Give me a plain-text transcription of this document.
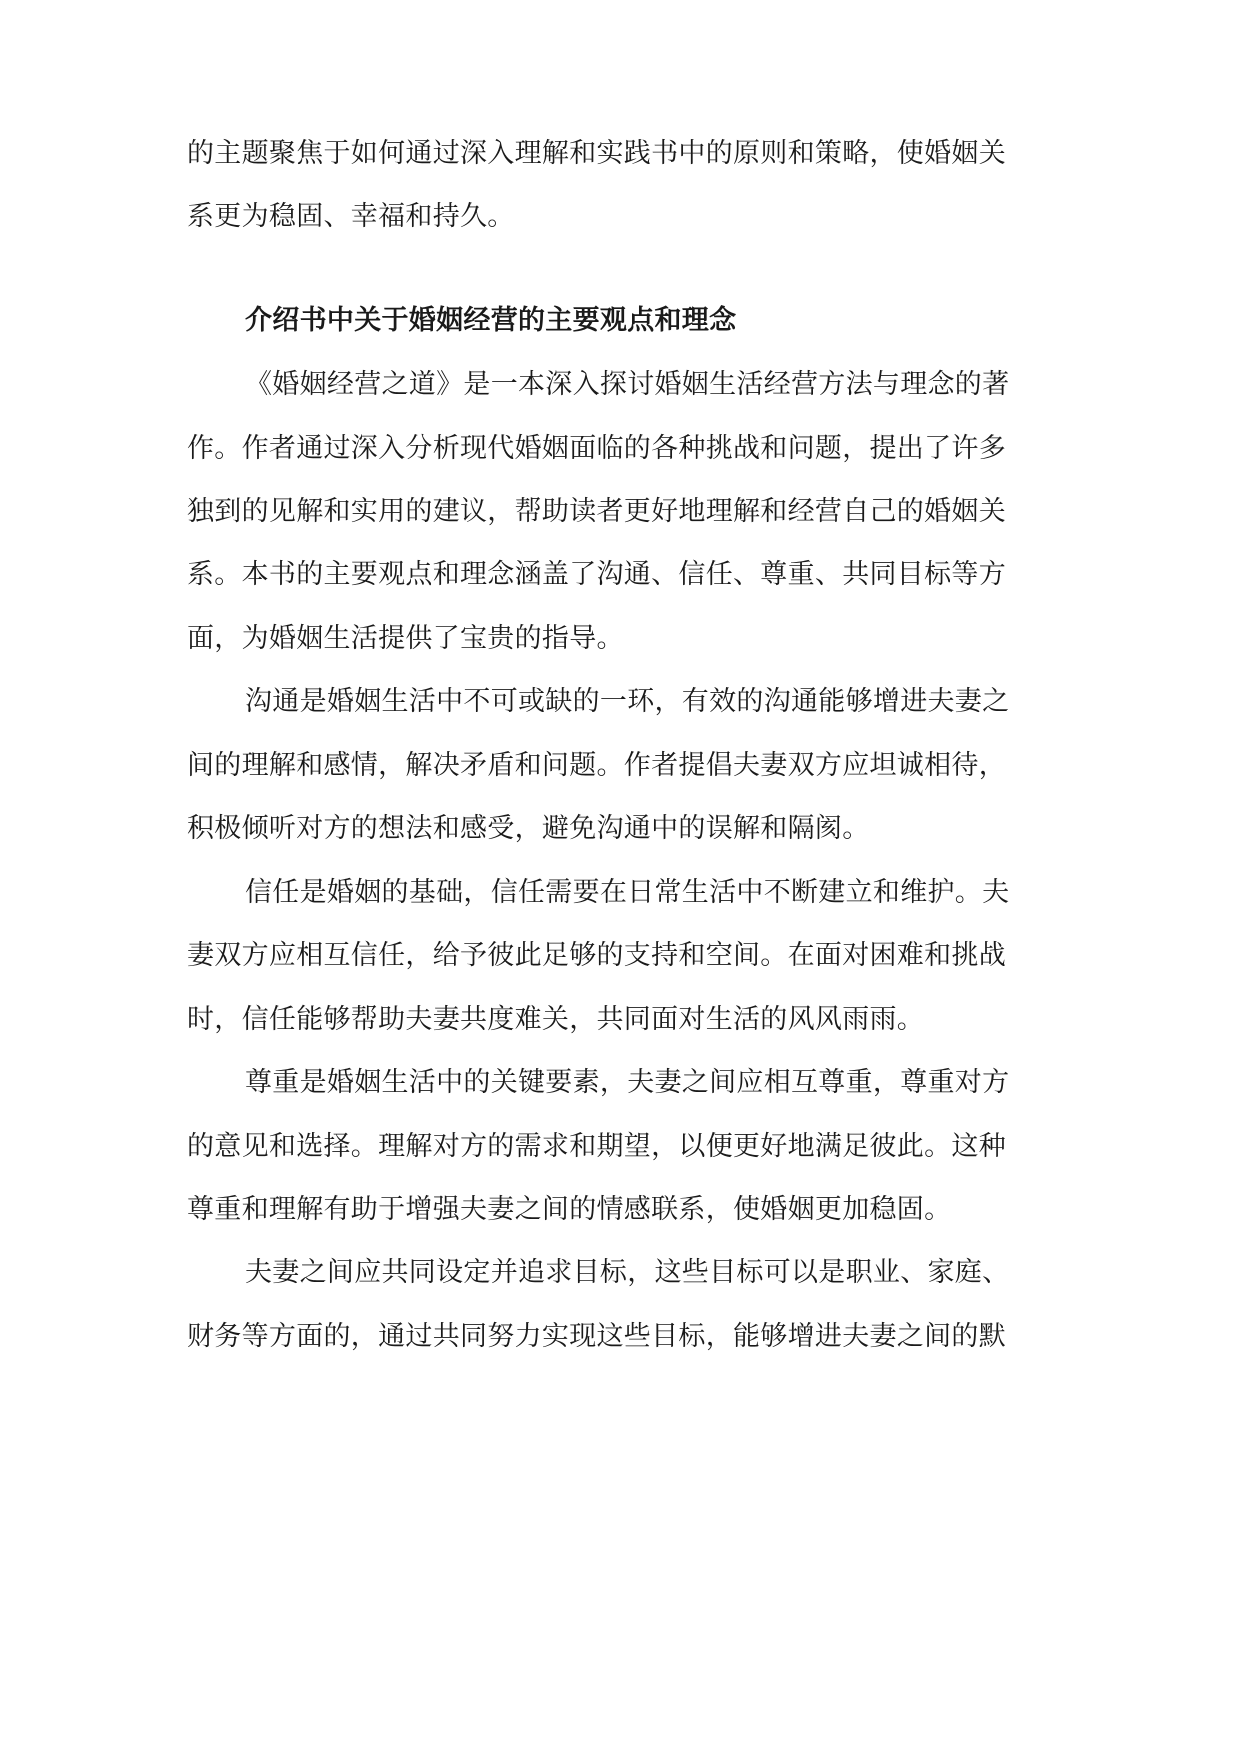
的主题聚焦于如何通过深入理解和实践书中的原则和策略，使婚姻关
系更为稳固、幸福和持久。
介绍书中关于婚姻经营的主要观点和理念
《婚姻经营之道》是一本深入探讨婚姻生活经营方法与理念的著
作。作者通过深入分析现代婚姻面临的各种挑战和问题，提出了许多
独到的见解和实用的建议，帮助读者更好地理解和经营自己的婚姻关
系。本书的主要观点和理念涵盖了沟通、信任、尊重、共同目标等方
面，为婚姻生活提供了宝贵的指导。
沟通是婚姻生活中不可或缺的一环，有效的沟通能够增进夫妻之
间的理解和感情，解决矛盾和问题。作者提倡夫妻双方应坦诚相待，
积极倾听对方的想法和感受，避免沟通中的误解和隔阂。
信任是婚姻的基础，信任需要在日常生活中不断建立和维护。夫
妻双方应相互信任，给予彼此足够的支持和空间。在面对困难和挑战
时，信任能够帮助夫妻共度难关，共同面对生活的风风雨雨。
尊重是婚姻生活中的关键要素，夫妻之间应相互尊重，尊重对方
的意见和选择。理解对方的需求和期望，以便更好地满足彼此。这种
尊重和理解有助于增强夫妻之间的情感联系，使婚姻更加稳固。
夫妻之间应共同设定并追求目标，这些目标可以是职业、家庭、
财务等方面的，通过共同努力实现这些目标，能够增进夫妻之间的默
